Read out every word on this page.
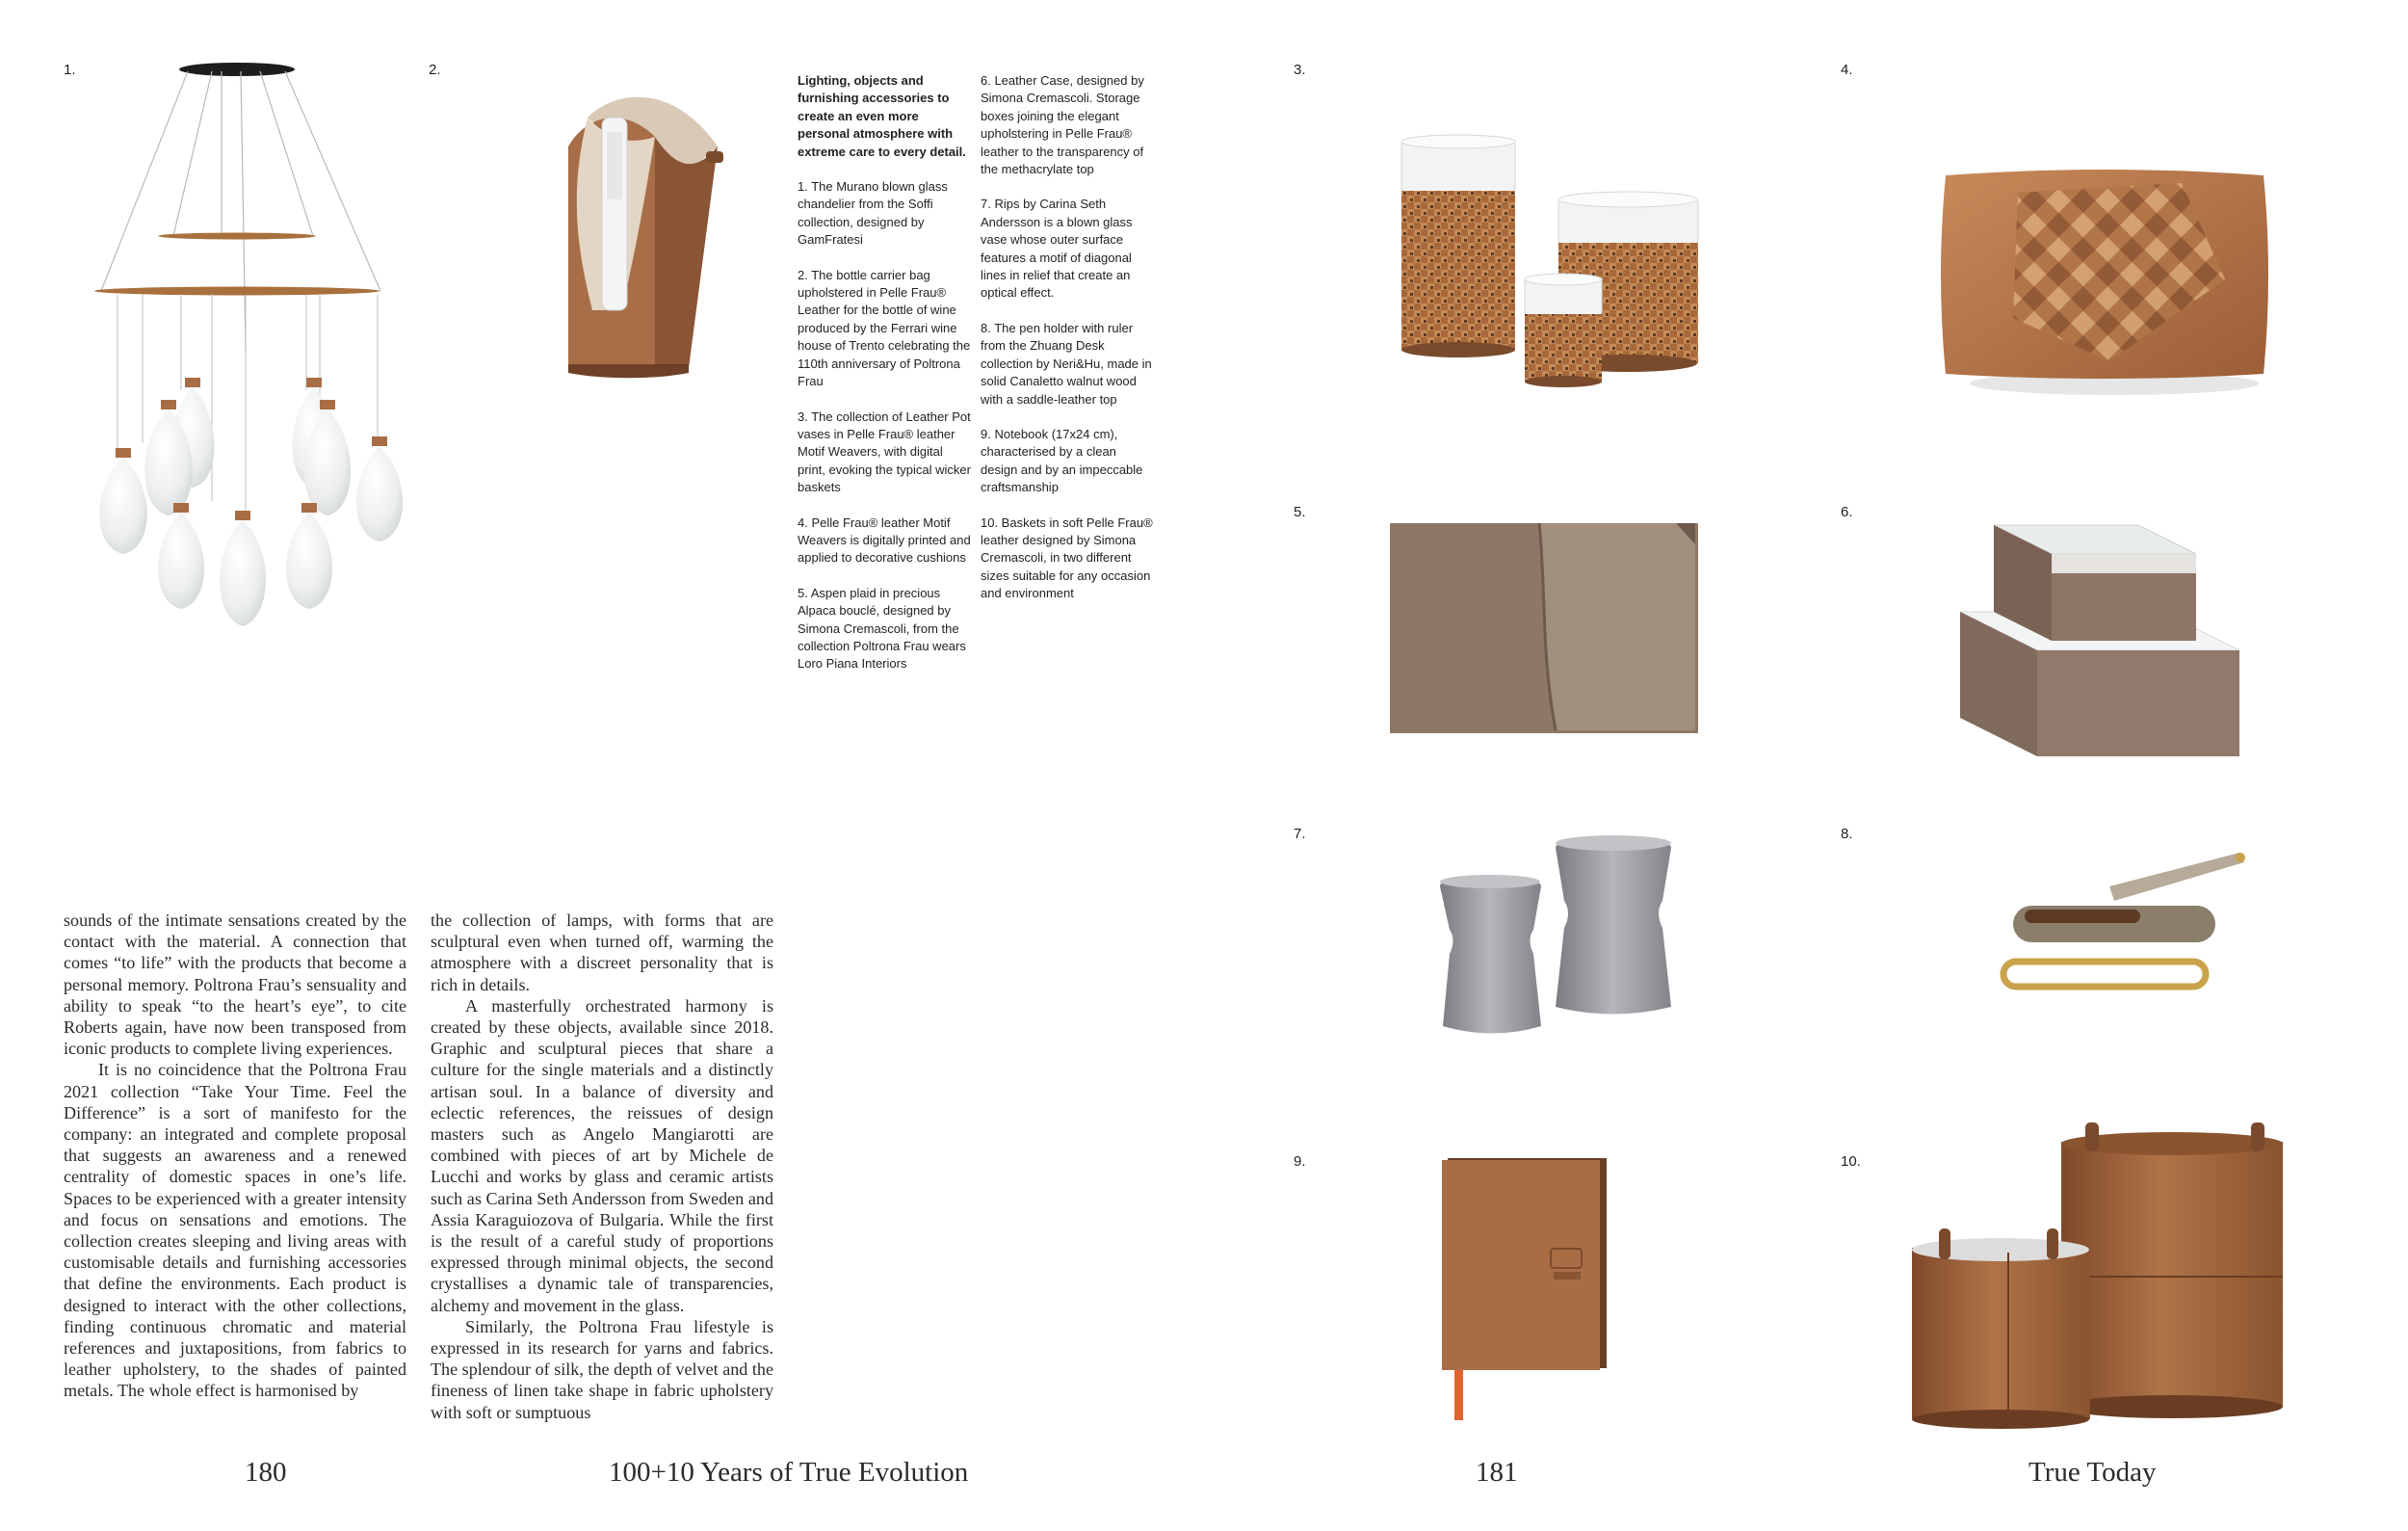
1.	2.	3.	4.
5.	6.
7.	8.
9.	10.

Lighting, objects and furnishing accessories to create an even more personal atmosphere with extreme care to every detail.

1. The Murano blown glass chandelier from the Soffi collection, designed by GamFratesi

2. The bottle carrier bag upholstered in Pelle Frau® Leather for the bottle of wine produced by the Ferrari wine house of Trento celebrating the 110th anniversary of Poltrona Frau

3. The collection of Leather Pot vases in Pelle Frau® leather Motif Weavers, with digital print, evoking the typical wicker baskets

4. Pelle Frau® leather Motif Weavers is digitally printed and applied to decorative cushions

5. Aspen plaid in precious Alpaca bouclé, designed by Simona Cremascoli, from the collection Poltrona Frau wears Loro Piana Interiors

6. Leather Case, designed by Simona Cremascoli. Storage boxes joining the elegant upholstering in Pelle Frau® leather to the transparency of the methacrylate top

7. Rips by Carina Seth Andersson is a blown glass vase whose outer surface features a motif of diagonal lines in relief that create an optical effect.

8. The pen holder with ruler from the Zhuang Desk collection by Neri&Hu, made in solid Canaletto walnut wood with a saddle-leather top

9. Notebook (17x24 cm), characterised by a clean design and by an impeccable craftsmanship

10. Baskets in soft Pelle Frau® leather designed by Simona Cremascoli, in two different sizes suitable for any occasion and environment

sounds of the intimate sensations created by the contact with the material. A connection that comes “to life” with the products that become a personal memory. Poltrona Frau’s sensuality and ability to speak “to the heart’s eye”, to cite Roberts again, have now been transposed from iconic products to complete living experiences.

It is no coincidence that the Poltrona Frau 2021 collection “Take Your Time. Feel the Difference” is a sort of manifesto for the company: an integrated and complete proposal that suggests an awareness and a renewed centrality of domestic spaces in one’s life. Spaces to be experienced with a greater intensity and focus on sensations and emotions. The collection creates sleeping and living areas with customisable details and furnishing accessories that define the environments. Each product is designed to interact with the other collections, finding continuous chromatic and material references and juxtapositions, from fabrics to leather upholstery, to the shades of painted metals. The whole effect is harmonised by

the collection of lamps, with forms that are sculptural even when turned off, warming the atmosphere with a discreet personality that is rich in details.

A masterfully orchestrated harmony is created by these objects, available since 2018. Graphic and sculptural pieces that share a culture for the single materials and a distinctly artisan soul. In a balance of diversity and eclectic references, the reissues of design masters such as Angelo Mangiarotti are combined with pieces of art by Michele de Lucchi and works by glass and ceramic artists such as Carina Seth Andersson from Sweden and Assia Karaguiozova of Bulgaria. While the first is the result of a careful study of proportions expressed through minimal objects, the second crystallises a dynamic tale of transparencies, alchemy and movement in the glass.

Similarly, the Poltrona Frau lifestyle is expressed in its research for yarns and fabrics. The splendour of silk, the depth of velvet and the fineness of linen take shape in fabric upholstery with soft or sumptuous

180	100+10 Years of True Evolution	181	True Today
